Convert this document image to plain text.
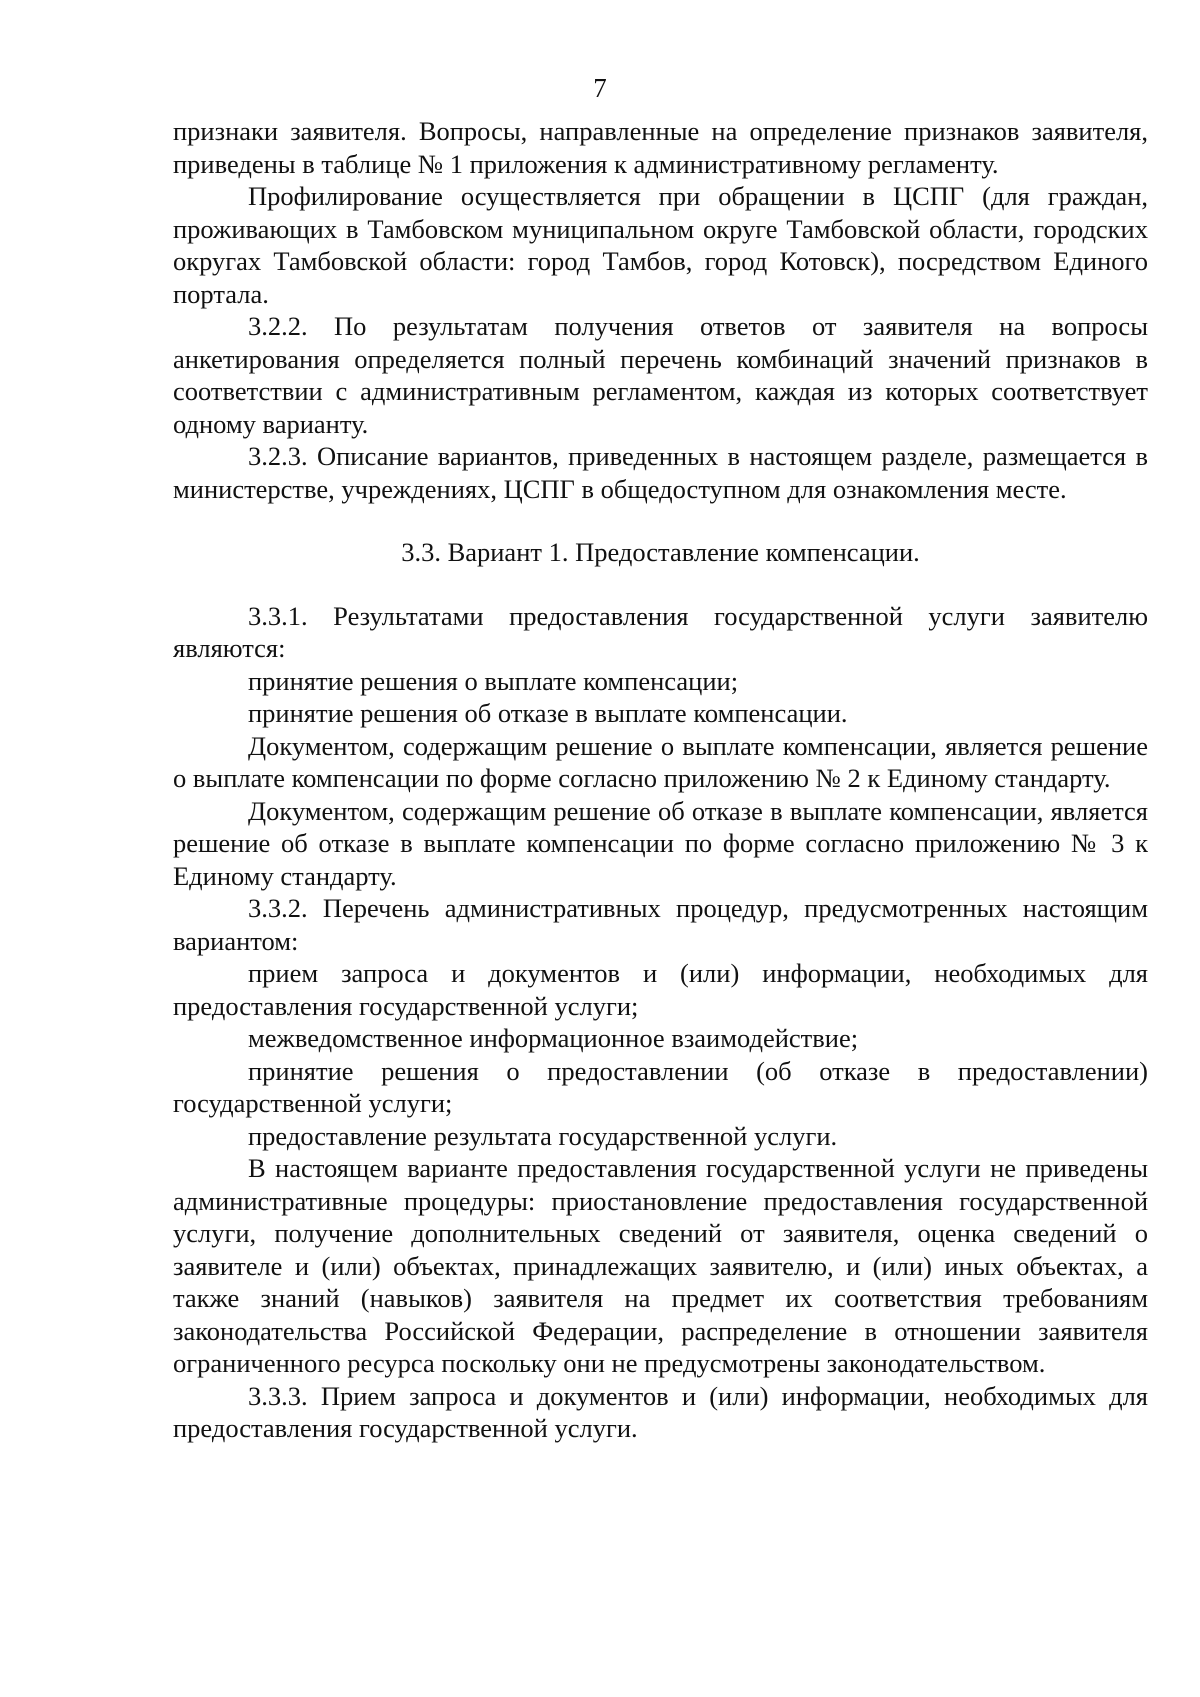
7

признаки заявителя. Вопросы, направленные на определение признаков заявителя, приведены в таблице № 1 приложения к административному регламенту.

Профилирование осуществляется при обращении в ЦСПГ (для граждан, проживающих в Тамбовском муниципальном округе Тамбовской области, городских округах Тамбовской области: город Тамбов, город Котовск), посредством Единого портала.

3.2.2. По результатам получения ответов от заявителя на вопросы анкетирования определяется полный перечень комбинаций значений признаков в соответствии с административным регламентом, каждая из которых соответствует одному варианту.

3.2.3. Описание вариантов, приведенных в настоящем разделе, размещается в министерстве, учреждениях, ЦСПГ в общедоступном для ознакомления месте.

3.3. Вариант 1. Предоставление компенсации.

3.3.1. Результатами предоставления государственной услуги заявителю являются:

принятие решения о выплате компенсации;

принятие решения об отказе в выплате компенсации.

Документом, содержащим решение о выплате компенсации, является решение о выплате компенсации по форме согласно приложению № 2 к Единому стандарту.

Документом, содержащим решение об отказе в выплате компенсации, является решение об отказе в выплате компенсации по форме согласно приложению № 3 к Единому стандарту.

3.3.2. Перечень административных процедур, предусмотренных настоящим вариантом:

прием запроса и документов и (или) информации, необходимых для предоставления государственной услуги;

межведомственное информационное взаимодействие;

принятие решения о предоставлении (об отказе в предоставлении) государственной услуги;

предоставление результата государственной услуги.

В настоящем варианте предоставления государственной услуги не приведены административные процедуры: приостановление предоставления государственной услуги, получение дополнительных сведений от заявителя, оценка сведений о заявителе и (или) объектах, принадлежащих заявителю, и (или) иных объектах, а также знаний (навыков) заявителя на предмет их соответствия требованиям законодательства Российской Федерации, распределение в отношении заявителя ограниченного ресурса поскольку они не предусмотрены законодательством.

3.3.3. Прием запроса и документов и (или) информации, необходимых для предоставления государственной услуги.
